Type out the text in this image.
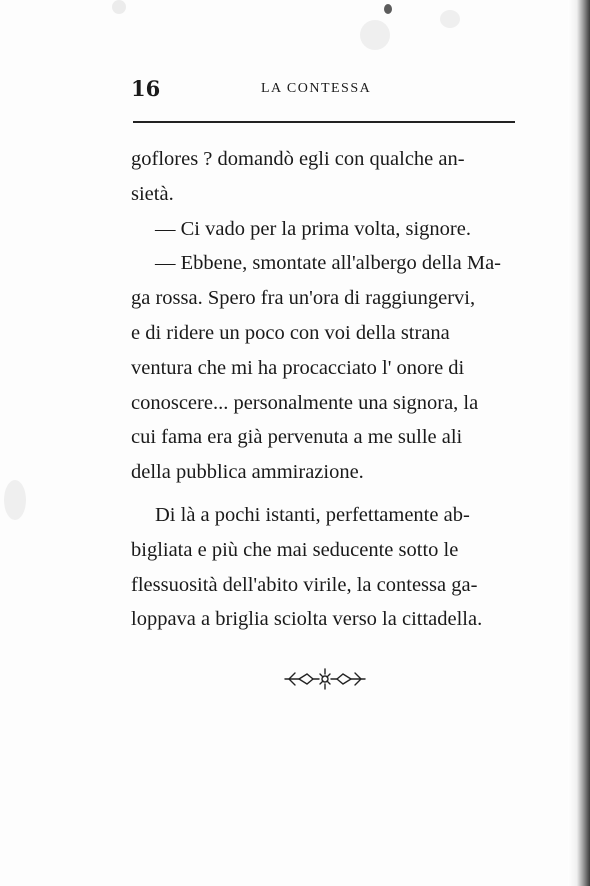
16	LA CONTESSA
goflores ? domandò egli con qualche an-
sietà.
— Ci vado per la prima volta, signore.
— Ebbene, smontate all'albergo della Ma-
ga rossa. Spero fra un'ora di raggiungervi,
e di ridere un poco con voi della strana
ventura che mi ha procacciato l' onore di
conoscere... personalmente una signora, la
cui fama era già pervenuta a me sulle ali
della pubblica ammirazione.
Di là a pochi istanti, perfettamente ab-
bigliata e più che mai seducente sotto le
flessuosità dell'abito virile, la contessa ga-
loppava a briglia sciolta verso la cittadella.
